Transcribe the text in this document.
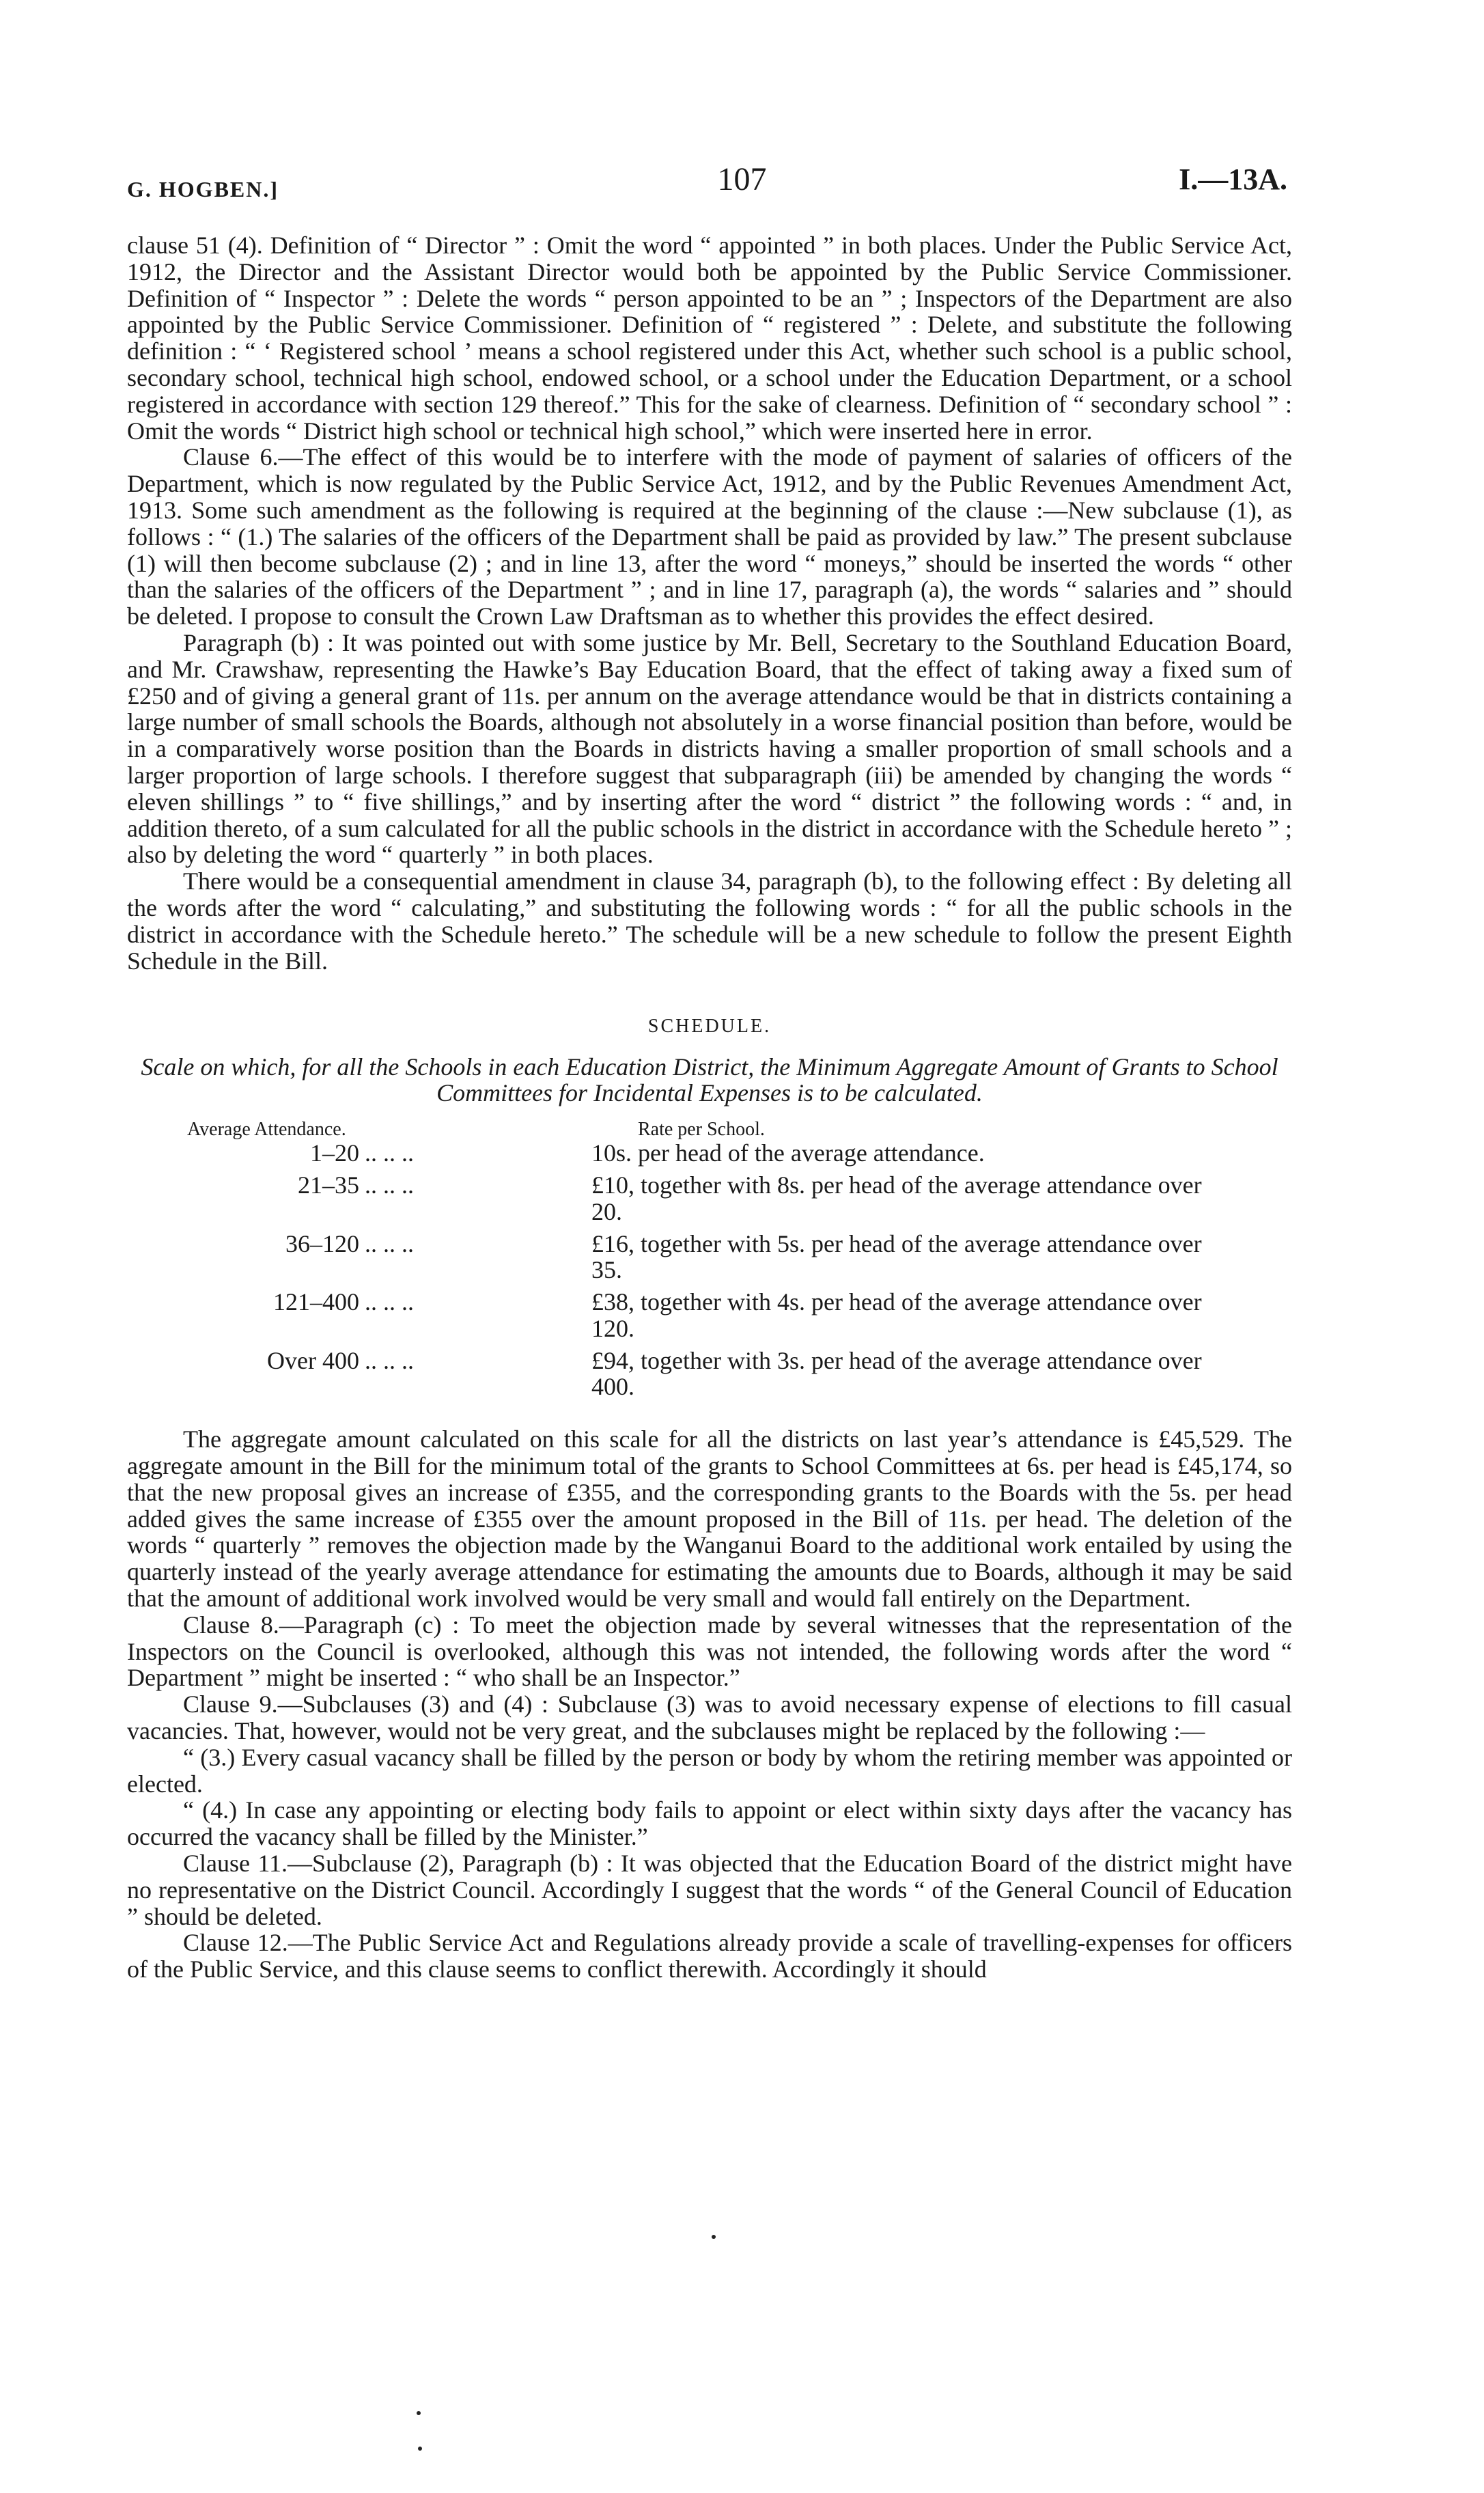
G. HOGBEN.]	107	I.—13A.

clause 51 (4). Definition of “ Director ” : Omit the word “ appointed ” in both places. Under the Public Service Act, 1912, the Director and the Assistant Director would both be appointed by the Public Service Commissioner. Definition of “ Inspector ” : Delete the words “ person appointed to be an ” ; Inspectors of the Department are also appointed by the Public Service Commissioner. Definition of “ registered ” : Delete, and substitute the following definition : “ ‘ Registered school ’ means a school registered under this Act, whether such school is a public school, secondary school, technical high school, endowed school, or a school under the Education Department, or a school registered in accordance with section 129 thereof.” This for the sake of clearness. Definition of “ secondary school ” : Omit the words “ District high school or technical high school,” which were inserted here in error.

Clause 6.—The effect of this would be to interfere with the mode of payment of salaries of officers of the Department, which is now regulated by the Public Service Act, 1912, and by the Public Revenues Amendment Act, 1913. Some such amendment as the following is required at the beginning of the clause :—New subclause (1), as follows : “ (1.) The salaries of the officers of the Department shall be paid as provided by law.” The present subclause (1) will then become subclause (2) ; and in line 13, after the word “ moneys,” should be inserted the words “ other than the salaries of the officers of the Department ” ; and in line 17, paragraph (a), the words “ salaries and ” should be deleted. I propose to consult the Crown Law Draftsman as to whether this provides the effect desired.

Paragraph (b) : It was pointed out with some justice by Mr. Bell, Secretary to the Southland Education Board, and Mr. Crawshaw, representing the Hawke’s Bay Education Board, that the effect of taking away a fixed sum of £250 and of giving a general grant of 11s. per annum on the average attendance would be that in districts containing a large number of small schools the Boards, although not absolutely in a worse financial position than before, would be in a comparatively worse position than the Boards in districts having a smaller proportion of small schools and a larger proportion of large schools. I therefore suggest that subparagraph (iii) be amended by changing the words “ eleven shillings ” to “ five shillings,” and by inserting after the word “ district ” the following words : “ and, in addition thereto, of a sum calculated for all the public schools in the district in accordance with the Schedule hereto ” ; also by deleting the word “ quarterly ” in both places.

There would be a consequential amendment in clause 34, paragraph (b), to the following effect : By deleting all the words after the word “ calculating,” and substituting the following words : “ for all the public schools in the district in accordance with the Schedule hereto.” The schedule will be a new schedule to follow the present Eighth Schedule in the Bill.

SCHEDULE.

Scale on which, for all the Schools in each Education District, the Minimum Aggregate Amount of Grants to School Committees for Incidental Expenses is to be calculated.

Average Attendance.	Rate per School.
1–20 .. .. ..	10s. per head of the average attendance.
21–35 .. .. ..	£10, together with 8s. per head of the average attendance over 20.
36–120 .. .. ..	£16, together with 5s. per head of the average attendance over 35.
121–400 .. .. ..	£38, together with 4s. per head of the average attendance over 120.
Over 400 .. .. ..	£94, together with 3s. per head of the average attendance over 400.

The aggregate amount calculated on this scale for all the districts on last year’s attendance is £45,529. The aggregate amount in the Bill for the minimum total of the grants to School Committees at 6s. per head is £45,174, so that the new proposal gives an increase of £355, and the corresponding grants to the Boards with the 5s. per head added gives the same increase of £355 over the amount proposed in the Bill of 11s. per head. The deletion of the words “ quarterly ” removes the objection made by the Wanganui Board to the additional work entailed by using the quarterly instead of the yearly average attendance for estimating the amounts due to Boards, although it may be said that the amount of additional work involved would be very small and would fall entirely on the Department.

Clause 8.—Paragraph (c) : To meet the objection made by several witnesses that the representation of the Inspectors on the Council is overlooked, although this was not intended, the following words after the word “ Department ” might be inserted : “ who shall be an Inspector.”

Clause 9.—Subclauses (3) and (4) : Subclause (3) was to avoid necessary expense of elections to fill casual vacancies. That, however, would not be very great, and the subclauses might be replaced by the following :—

“ (3.) Every casual vacancy shall be filled by the person or body by whom the retiring member was appointed or elected.

“ (4.) In case any appointing or electing body fails to appoint or elect within sixty days after the vacancy has occurred the vacancy shall be filled by the Minister.”

Clause 11.—Subclause (2), Paragraph (b) : It was objected that the Education Board of the district might have no representative on the District Council. Accordingly I suggest that the words “ of the General Council of Education ” should be deleted.

Clause 12.—The Public Service Act and Regulations already provide a scale of travelling-expenses for officers of the Public Service, and this clause seems to conflict therewith. Accordingly it should
